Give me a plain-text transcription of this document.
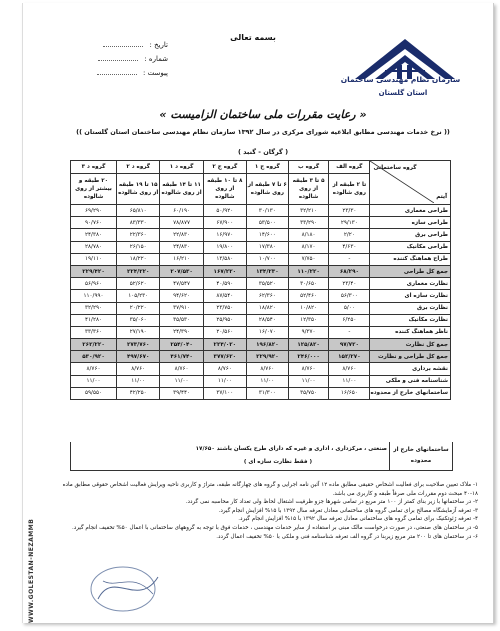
WWW.GOLESTAN-NEZAMMB
سازمان نظام مهندسی ساختمان
استان گلستان
بسمه تعالی
تاریخ :
شماره :
پیوست :
« رعایت مقررات ملی ساختمان الزامیست »
(( نرخ خدمات مهندسی مطابق ابلاغیه شورای مرکزی در سال ۱۳۹۲ سازمان نظام مهندسی ساختمان استان گلستان ))
( گرگان - گنبد )

۱- ملاک تعیین صلاحیت برای فعالیت اشخاص حقیقی مطابق ماده ۱۲ آئین نامه اجرایی و گروه های چهارگانه طبقه، متراژ و کاربری ناحیه ویرایش فعالیت اشخاص حقوقی مطابق ماده ۱۸-۴۰ مبحث دوم مقررات ملی صرفاً طبقه و کاربری می باشد.

۲- در ساختمانها با زیر بنای کمتر از ۱۰۰ متر مربع در تمامی شهرها جزو ظرفیت اشتغال لحاظ ولی تعداد کار محاسبه نمی گردد.

۳- تعرفه آزمایشگاه مصالح برای تمامی گروه های ساختمانی معادل تعرفه سال ۱۳۹۲ با ۱۵% افزایش انجام گیرد.

۴- تعرفه ژئوتکنیک برای تمامی گروه های ساختمانی معادل تعرفه سال ۱۳۹۲ با ۱۵% افزایش انجام گیرد.

۵- در ساختمان های صنعتی، در صورت درخواست مالک مبنی بر استفاده از سایر خدمات مهندسی ، خدمات فوق با توجه به گروههای ساختمانی با اعمال ۵۰% تخفیف انجام گیرد.

۶- در ساختمان های تا ۲۰۰ متر مربع زیربنا در گروه الف تعرفه شناسنامه فنی و ملکی با ۵۰% تخفیف اعمال گردد.

گروه ساختمانی
آیتم	گروه الف	گروه ب	گروه ج ۱	گروه ج ۲	گروه د ۱	گروه د ۲	گروه د ۳
	تا ۲ طبقه از روی شالوده	۵ تا ۳ طبقه از روی شالوده	۶ تا ۷ طبقه از روی شالوده	۸ تا ۱۰ طبقه از روی شالوده	۱۱ تا ۱۴ طبقه از روی شالوده	۱۵ تا ۱۹ طبقه از روی شالوده	۲۰ طبقه و بیشتر از روی شالوده
طراحی معماری	۲۳/۳۰	۳۲/۲۱۰	۳۰/۱۳۰	۵۰/۹۲۰	۶۰/۱۹۰	۶۵/۸۱۰	۶۹/۲۹۰
طراحی سازه	۲۹/۱۳۰	۳۳/۲۹۰	۵۳/۵۰۰	۶۷/۹۰۰	۷۸/۸۷۷	۸۳/۳۳۰	۹۰/۷۶۰
طراحی برق	۲/۲۰	۸/۱۸۰	۱۴/۶۰۰	۱۶/۹۷۰	۲۲/۸۳۰	۲۲/۳۶۰	۲۴/۳۸۰
طراحی مکانیک	۴/۶۳۰	۸/۱۷۰	۱۷/۳۸۰	۱۹/۸۰۰	۲۴/۸۳۰	۲۶/۱۵۰	۲۸/۷۸۰
طراح هماهنگ کننده	-	۷/۷۵۰	۱۰/۷۰۰	۱۳/۵۸۰	۱۶/۲۱۰	۱۸/۲۲۰	۱۹/۱۱۰
جمع کل طراحی	۶۸/۲۹۰	۱۱۰/۲۲۰	۱۳۴/۲۳۰	۱۶۷/۲۲۰	۲۰۷/۵۳۰	۲۲۴/۲۲۰	۲۲۹/۴۲۰
نظارت معماری	۲۳/۴۰	۳۰/۶۵۰	۳۵/۵۲۰	۴۰/۵۹۰	۴۷/۵۴۷	۵۲/۶۲۰	۵۶/۹۶۰
نظارت سازه ای	۵۶/۳۰۰	۵۲/۴۶۰	۶۲/۳۶۰	۸۷/۵۴۰	۹۴/۶۲۰	۱۰۵/۲۳۰	۱۱۰/۹۹۰
نظارت برق	۵/۰۰	۱۰/۸۲۰	۱۸/۸۲۰	۲۳/۷۵۰	۳۷/۹۱۰	۲۰/۲۲۰	۳۲/۲۹۰
نظارت مکانیک	۶/۲۵۰	۱۲/۳۵۰	۲۸/۵۴۰	۲۵/۹۵۰	۳۵/۵۳۰	۳۵/۰۶۰	۴۱/۲۸۰
ناظر هماهنگ کننده	-	۹/۳۷۰	۱۶/۰۷۰	۲۰/۵۶۰	۲۴/۳۹۰	۲۷/۱۹۰	۳۳/۳۶۰
جمع کل نظارت	۹۷/۷۲۰	۱۲۵/۸۲۰	۱۹۶/۸۲۰	۲۲۴/۰۲۰	۲۵۴/۰۴۰	۲۷۳/۷۶۰	۲۶۲/۲۲۰
جمع کل طراحی و نظارت	۱۵۲/۲۷۰	۲۴۶/۰۰۰	۲۲۹/۹۲۰	۳۷۷/۶۲۰	۴۶۱/۷۴۰	۴۹۷/۶۷۰	۵۳۰/۹۲۰
نقشه برداری	۸/۷۶۰	۸/۷۶۰	۸/۷۶۰	۸/۷۶۰	۸/۷۶۰	۸/۷۶۰	۸/۷۶۰
شناسنامه فنی و ملکی	۱۱/۰۰	۱۱/۰۰	۱۱/۰۰	۱۱/۰۰	۱۱/۰۰	۱۱/۰۰	۱۱/۰۰
ساختمانهای خارج از محدوده	۱۶/۶۵۰	۳۵/۷۵۰	۳۱/۳۰۰	۳۷/۱۰۰	۳۹/۴۴۰	۴۲/۲۵۰	۵۹/۵۵۰
ساختمانهای خارج از محدوده
صنعتی ، مرکزداری ، اداری و غیره که دارای طرح یکسان باشند ۱۷/۶۵۰
( فقط نظارت سازه ای )
